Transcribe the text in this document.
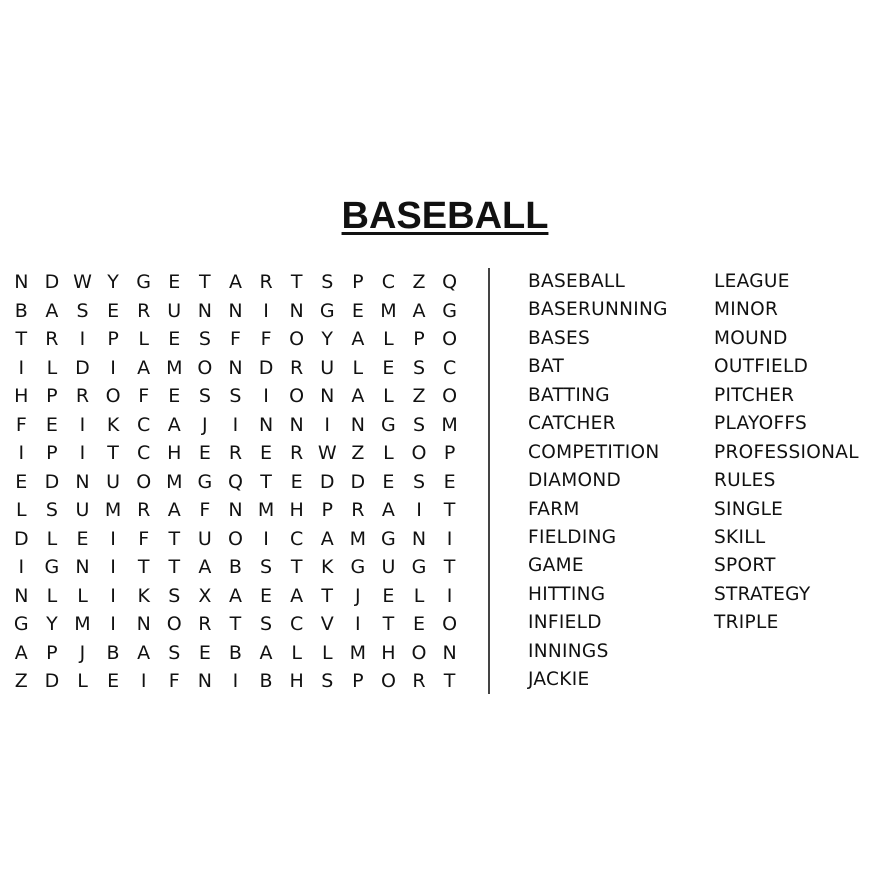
BASEBALL
N D W Y G E T A R T S P C Z Q
B A S E R U N N	I	N G E M A G
T R	I	P	L	E S	F	F O Y A L	P O
I	L D	I	A M O N D R U L	E S C
H P R O F	E S S	I	O N A L Z O
F	E	I	K C A	J	I	N N	I	N G S M
I	P	I	T C H E R E R W Z L O P
E D N U O M G Q T E D D E S E
L	S U M R A F N M H P R A	I	T
D L	E	I	F	T U O	I	C A M G N	I
I	G N	I	T T A B S T K G U G T
N L	L	I	K S X A E A T	J	E	L	I
G Y M	I	N O R T S C V	I	T E O
A P	J	B A S E B A L	L M H O N
Z D L	E	I	F N	I	B H S P O R T
BASEBALL
BASERUNNING
BASES
BAT
BATTING
CATCHER
COMPETITION
DIAMOND
FARM
FIELDING
GAME
HITTING
INFIELD
INNINGS
JACKIE
LEAGUE
MINOR
MOUND
OUTFIELD
PITCHER
PLAYOFFS
PROFESSIONAL
RULES
SINGLE
SKILL
SPORT
STRATEGY
TRIPLE
